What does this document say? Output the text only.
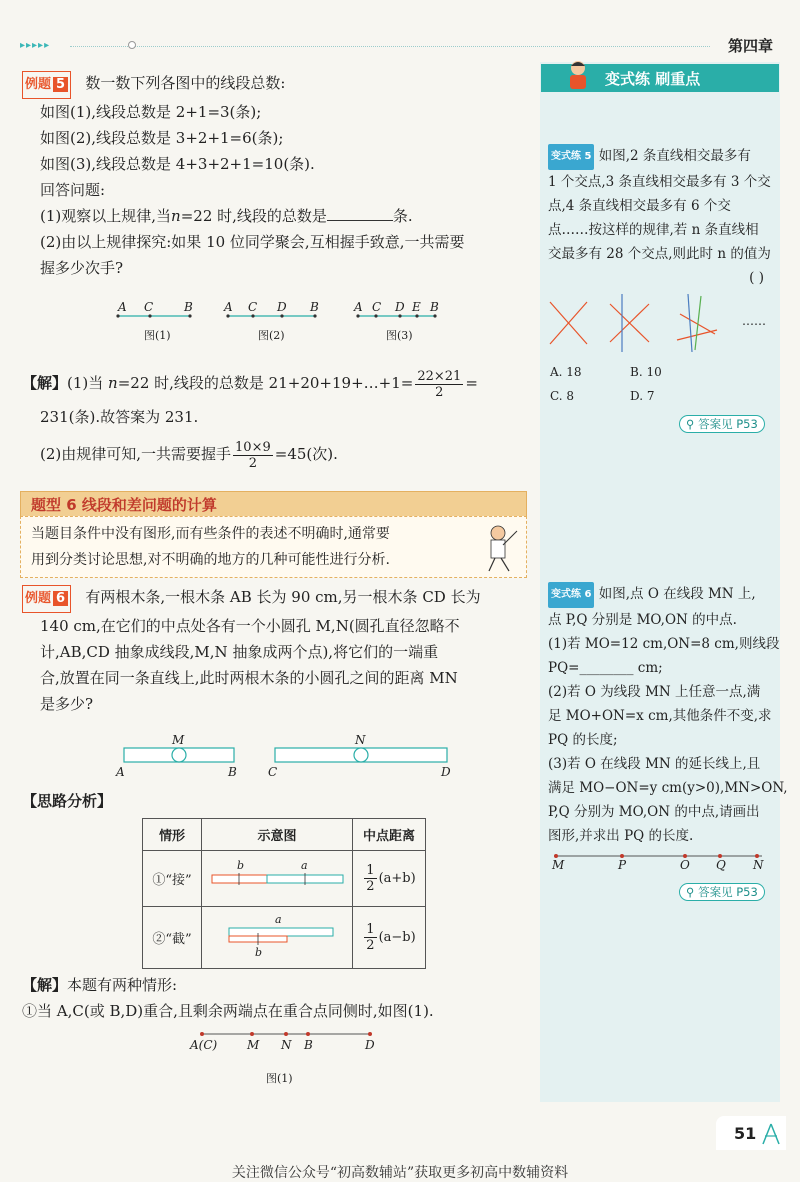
▸▸▸▸▸	第四章
变式练 刷重点
例题 5 数一数下列各图中的线段总数:
如图(1),线段总数是 2+1=3(条);
如图(2),线段总数是 3+2+1=6(条);
如图(3),线段总数是 4+3+2+1=10(条).
回答问题:
(1)观察以上规律,当n=22 时,线段的总数是	条.
(2)由以上规律探究:如果 10 位同学聚会,互相握手致意,一共需要
握多少次手?
A C	B
图(1)
A C D B
图(2)
A C D E B
图(3)
【解】(1)当 n=22 时,线段的总数是 21+20+19+…+1= $\frac{22\times 21}{2}$ =
231(条).故答案为 231.
(2)由规律可知,一共需要握手 $\frac{10\times 9}{2} =45$(次).
题型 6 线段和差问题的计算
当题目条件中没有图形,而有些条件的表述不明确时,通常要
用到分类讨论思想,对不明确的地方的几种可能性进行分析.
例题 6 有两根木条,一根木条 AB 长为 90 cm,另一根木条 CD 长为
140 cm,在它们的中点处各有一个小圆孔 M,N(圆孔直径忽略不
计,AB,CD 抽象成线段,M,N 抽象成两个点),将它们的一端重
合,放置在同一条直线上,此时两根木条的小圆孔之间的距离 MN
是多少?
M
A	B
N
C	D
【思路分析】
情形	示意图	中点距离
①“接”	b a	$\frac{1}{2} (a+b)$
②“截”	a
b	$\frac{1}{2} (a-b)$
【解】本题有两种情形:
①当 A,C(或 B,D)重合,且剩余两端点在重合点同侧时,如图(1).
A(C) M N B	D
图(1)
变式练 5 如图,2 条直线相交最多有
1 个交点,3 条直线相交最多有 3 个交
点,4 条直线相交最多有 6 个交
点……按这样的规律,若 n 条直线相
交最多有 28 个交点,则此时 n 的值为
( )
……
A. 18	B. 10
C. 8	D. 7
⚲ 答案见 P53
变式练 6 如图,点 O 在线段 MN 上,
点 P,Q 分别是 MO,ON 的中点.
(1)若 MO=12 cm,ON=8 cm,则线段
PQ=________ cm;
(2)若 O 为线段 MN 上任意一点,满
足 MO+ON=x cm,其他条件不变,求
PQ 的长度;
(3)若 O 在线段 MN 的延长线上,且
满足 MO−ON=y cm(y>0),MN>ON,
P,Q 分别为 MO,ON 的中点,请画出
图形,并求出 PQ 的长度.
M	P	O Q N
⚲ 答案见 P53
51
关注微信公众号“初高数辅站”获取更多初高中数辅资料
